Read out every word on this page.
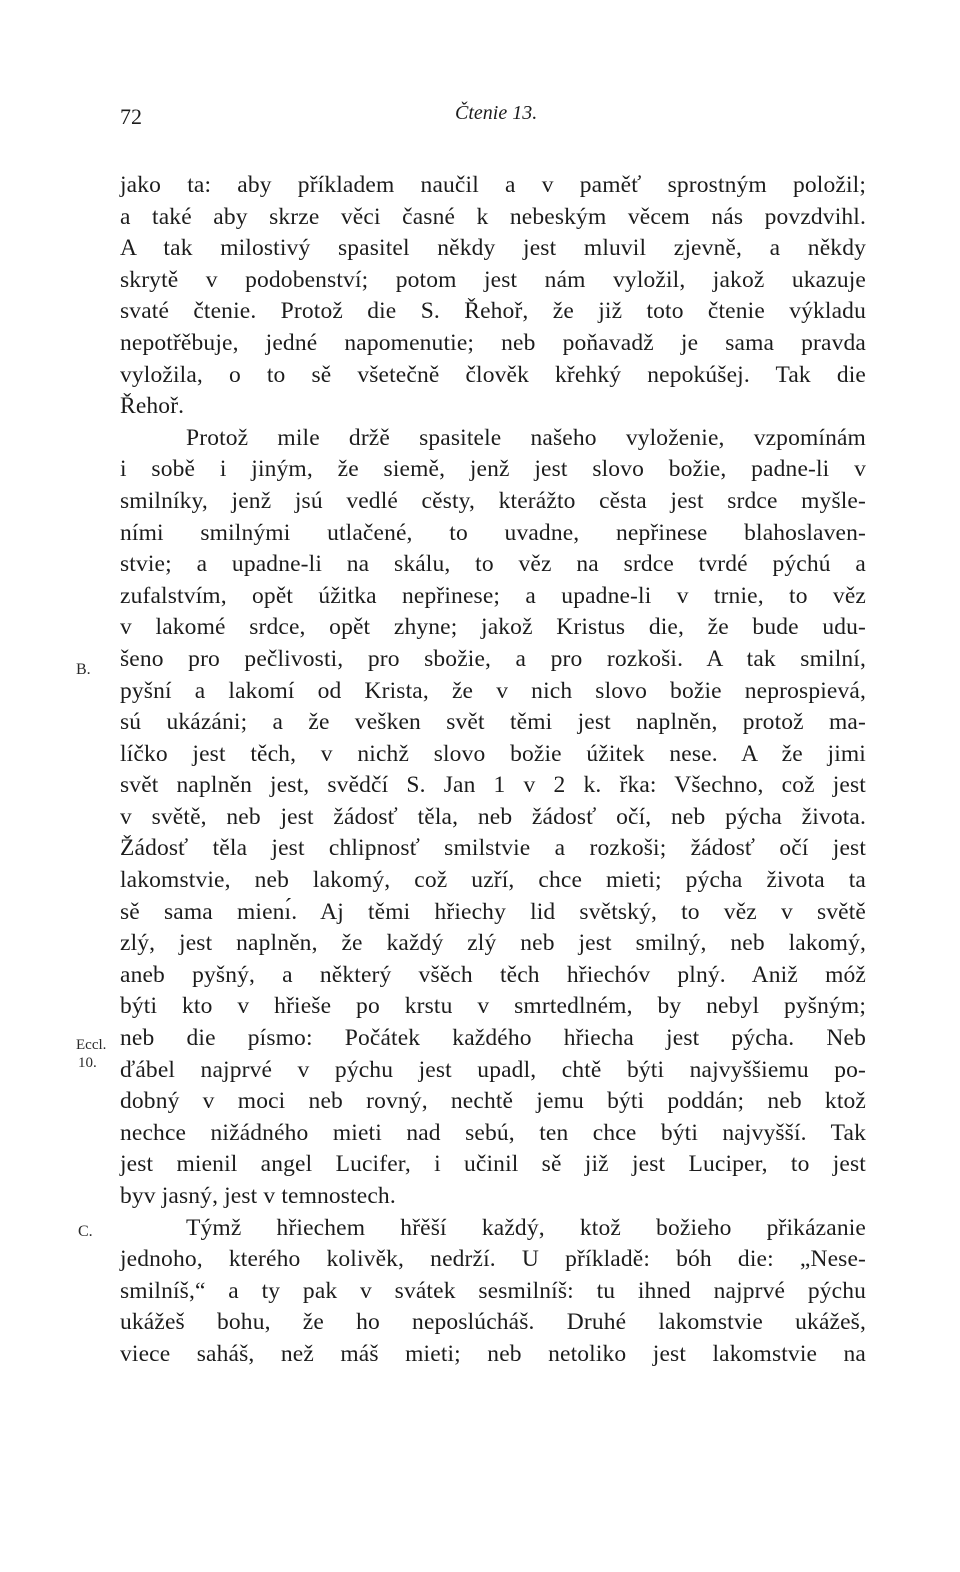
72	Čtenie 13.
B.
Eccl.
10.
C.
jako ta: aby příkladem naučil a v paměť sprostným položil;
a také aby skrze věci časné k nebeským věcem nás povzdvihl.
A tak milostivý spasitel někdy jest mluvil zjevně, a někdy
skrytě v podobenství; potom jest nám vyložil, jakož ukazuje
svaté čtenie. Protož die S. Řehoř, že již toto čtenie výkladu
nepotřěbuje, jedné napomenutie; neb poňavadž je sama pravda
vyložila, o to sě všetečně člověk křehký nepokúšej. Tak die
Řehoř.
Protož mile držě spasitele našeho vyloženie, vzpomínám
i sobě i jiným, že siemě, jenž jest slovo božie, padne-li v
smilníky, jenž jsú vedlé cěsty, kterážto cěsta jest srdce myšle-
ními smilnými utlačené, to uvadne, nepřinese blahoslaven-
stvie; a upadne-li na skálu, to věz na srdce tvrdé pýchú a
zufalstvím, opět úžitka nepřinese; a upadne-li v trnie, to věz
v lakomé srdce, opět zhyne; jakož Kristus die, že bude udu-
šeno pro pečlivosti, pro sbožie, a pro rozkoši. A tak smilní,
pyšní a lakomí od Krista, že v nich slovo božie neprospievá,
sú ukázáni; a že vešken svět těmi jest naplněn, protož ma-
líčko jest těch, v nichž slovo božie úžitek nese. A že jimi
svět naplněn jest, svědčí S. Jan 1 v 2 k. řka: Všechno, což jest
v světě, neb jest žádosť těla, neb žádosť očí, neb pýcha života.
Žádosť těla jest chlipnosť smilstvie a rozkoši; žádosť očí jest
lakomstvie, neb lakomý, což uzří, chce mieti; pýcha života ta
sě sama mienı́. Aj těmi hřiechy lid světský, to věz v světě
zlý, jest naplněn, že každý zlý neb jest smilný, neb lakomý,
aneb pyšný, a některý všěch těch hřiechóv plný. Aniž móž
býti kto v hřieše po krstu v smrtedlném, by nebyl pyšným;
neb die písmo: Počátek každého hřiecha jest pýcha. Neb
ďábel najprvé v pýchu jest upadl, chtě býti najvyššiemu po-
dobný v moci neb rovný, nechtě jemu býti poddán; neb ktož
nechce nižádného mieti nad sebú, ten chce býti najvyšší. Tak
jest mienil angel Lucifer, i učinil sě již jest Luciper, to jest
byv jasný, jest v temnostech.
Týmž hřiechem hřěší každý, ktož božieho přikázanie
jednoho, kterého kolivěk, nedrží. U příkladě: bóh die: „Nese-
smilníš,“ a ty pak v svátek sesmilníš: tu ihned najprvé pýchu
ukážeš bohu, že ho neposlúcháš. Druhé lakomstvie ukážeš,
viece saháš, než máš mieti; neb netoliko jest lakomstvie na
